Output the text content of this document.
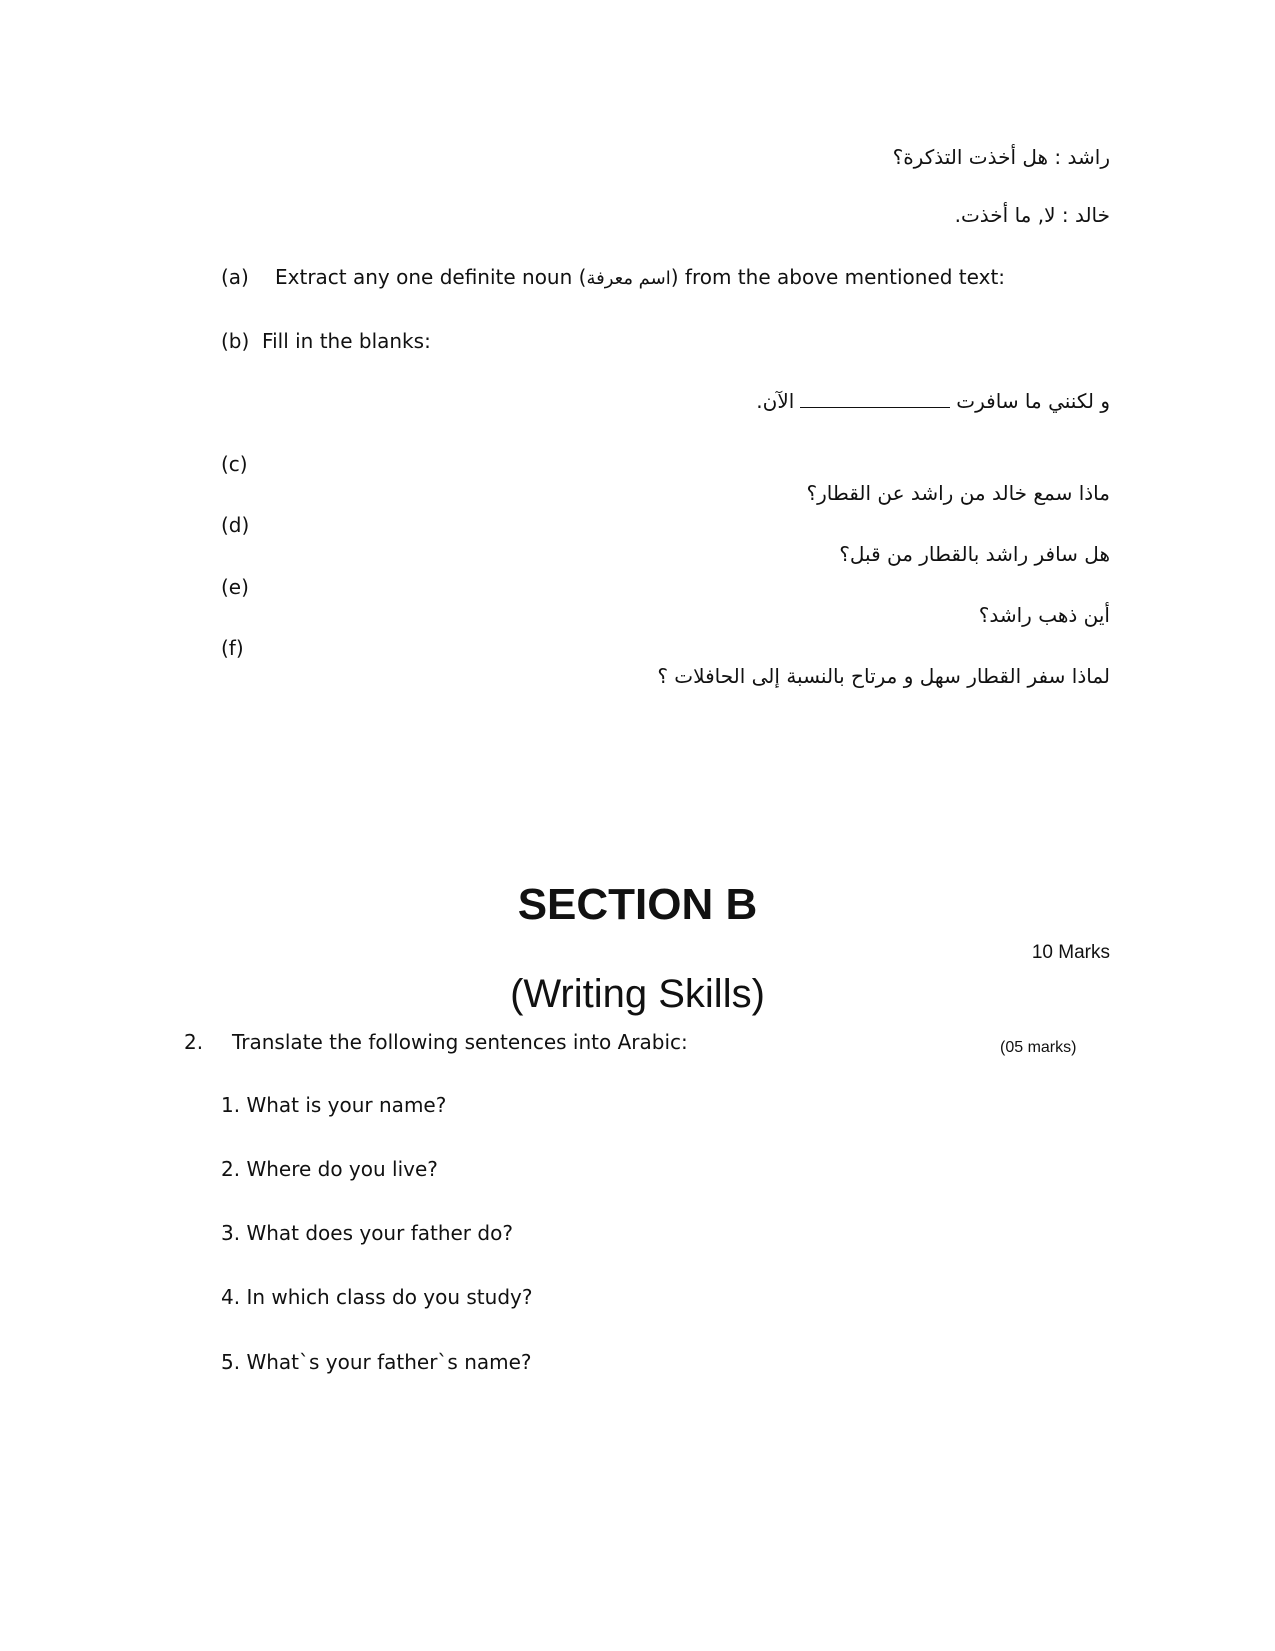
راشد : هل أخذت التذكرة؟
خالد : لا, ما أخذت.
(a) Extract any one definite noun (اسم معرفة) from the above mentioned text:
(b) Fill in the blanks:
و لكنني ما سافرتالآن.
(c)
ماذا سمع خالد من راشد عن القطار؟
(d)
هل سافر راشد بالقطار من قبل؟
(e)
أين ذهب راشد؟
(f)
لماذا سفر القطار سهل و مرتاح بالنسبة إلى الحافلات ؟
SECTION B
10 Marks
(Writing Skills)
2. Translate the following sentences into Arabic:	(05 marks)
1. What is your name?
2. Where do you live?
3. What does your father do?
4. In which class do you study?
5. What`s your father`s name?
